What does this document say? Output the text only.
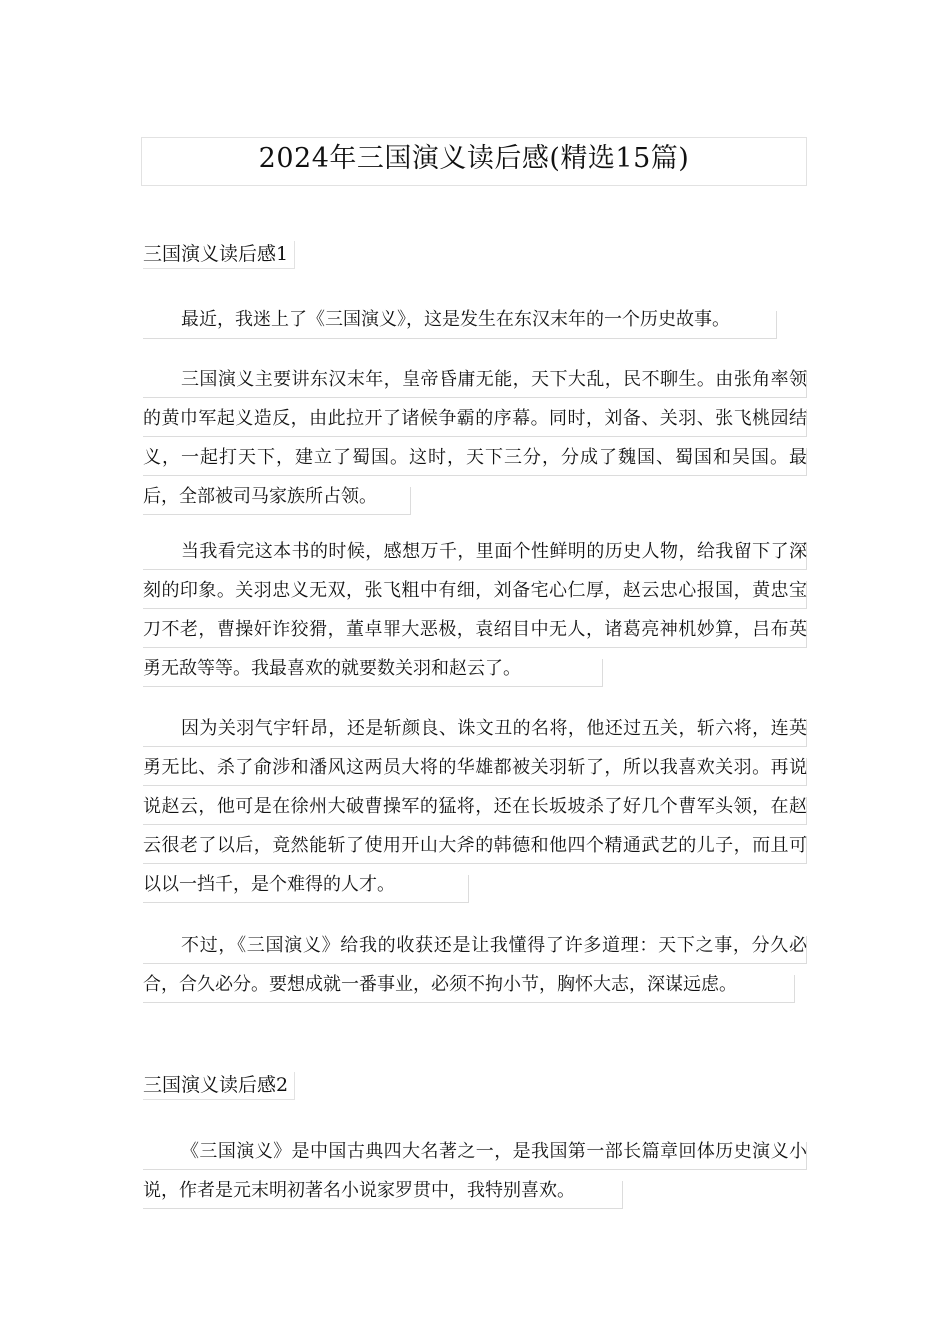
2024年三国演义读后感(精选15篇)
三国演义读后感1

最近，我迷上了《三国演义》，这是发生在东汉末年的一个历史故事。

三国演义主要讲东汉末年，皇帝昏庸无能，天下大乱，民不聊生。由张角率领的黄巾军起义造反，由此拉开了诸候争霸的序幕。同时，刘备、关羽、张飞桃园结义，一起打天下，建立了蜀国。这时，天下三分，分成了魏国、蜀国和吴国。最后，全部被司马家族所占领。

当我看完这本书的时候，感想万千，里面个性鲜明的历史人物，给我留下了深刻的印象。关羽忠义无双，张飞粗中有细，刘备宅心仁厚，赵云忠心报国，黄忠宝刀不老，曹操奸诈狡猾，董卓罪大恶极，袁绍目中无人，诸葛亮神机妙算，吕布英勇无敌等等。我最喜欢的就要数关羽和赵云了。

因为关羽气宇轩昂，还是斩颜良、诛文丑的名将，他还过五关，斩六将，连英勇无比、杀了俞涉和潘风这两员大将的华雄都被关羽斩了，所以我喜欢关羽。再说说赵云，他可是在徐州大破曹操军的猛将，还在长坂坡杀了好几个曹军头领，在赵云很老了以后，竟然能斩了使用开山大斧的韩德和他四个精通武艺的儿子，而且可以以一挡千，是个难得的人才。

不过，《三国演义》给我的收获还是让我懂得了许多道理：天下之事，分久必合，合久必分。要想成就一番事业，必须不拘小节，胸怀大志，深谋远虑。

三国演义读后感2

《三国演义》是中国古典四大名著之一，是我国第一部长篇章回体历史演义小说，作者是元末明初著名小说家罗贯中，我特别喜欢。
